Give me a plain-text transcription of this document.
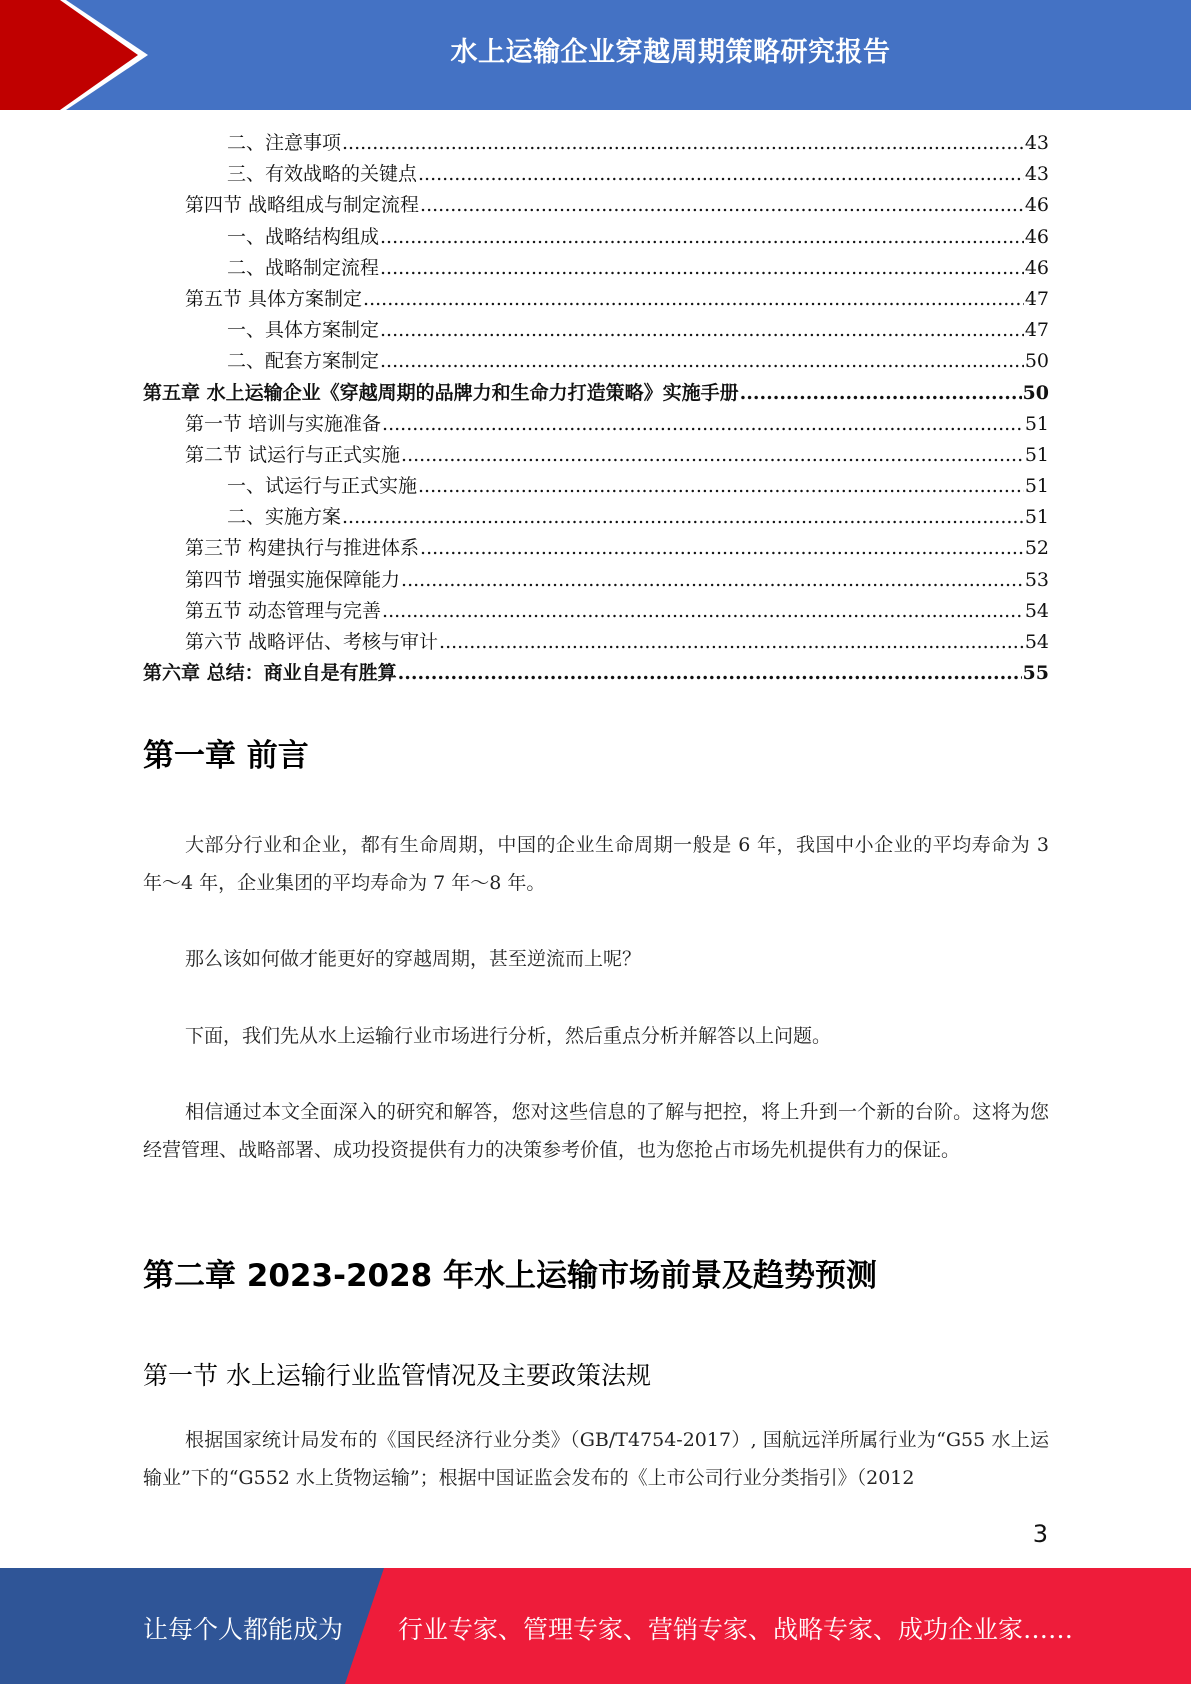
水上运输企业穿越周期策略研究报告
二、注意事项 .....	43
三、有效战略的关键点 .....	43
第四节 战略组成与制定流程 .....	46
一、战略结构组成 .....	46
二、战略制定流程 .....	46
第五节 具体方案制定 .....	47
一、具体方案制定 .....	47
二、配套方案制定 .....	50
第五章 水上运输企业《穿越周期的品牌力和生命力打造策略》实施手册 .....	50
第一节 培训与实施准备 .....	51
第二节 试运行与正式实施 .....	51
一、试运行与正式实施 .....	51
二、实施方案 .....	51
第三节 构建执行与推进体系 .....	52
第四节 增强实施保障能力 .....	53
第五节 动态管理与完善 .....	54
第六节 战略评估、考核与审计 .....	54
第六章 总结：商业自是有胜算 .....	55
第一章 前言
大部分行业和企业，都有生命周期，中国的企业生命周期一般是 6 年，我国中小企业的平均寿命为 3 年～4 年，企业集团的平均寿命为 7 年～8 年。
那么该如何做才能更好的穿越周期，甚至逆流而上呢？
下面，我们先从水上运输行业市场进行分析，然后重点分析并解答以上问题。
相信通过本文全面深入的研究和解答，您对这些信息的了解与把控，将上升到一个新的台阶。这将为您经营管理、战略部署、成功投资提供有力的决策参考价值，也为您抢占市场先机提供有力的保证。
第二章 2023-2028 年水上运输市场前景及趋势预测
第一节 水上运输行业监管情况及主要政策法规
根据国家统计局发布的《国民经济行业分类》（GB/T4754-2017）, 国航远洋所属行业为“G55 水上运输业”下的“G552 水上货物运输”；根据中国证监会发布的《上市公司行业分类指引》（2012
3
让每个人都能成为 行业专家、管理专家、营销专家、战略专家、成功企业家……
